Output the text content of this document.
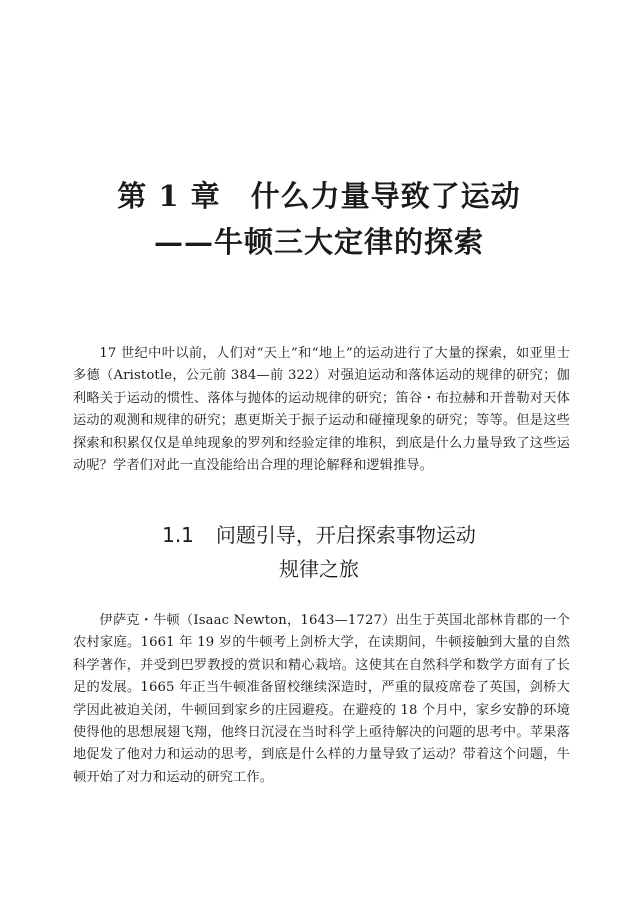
第 1 章 什么力量导致了运动
——牛顿三大定律的探索

17 世纪中叶以前，人们对“天上”和“地上”的运动进行了大量的探索，如亚里士多德（Aristotle，公元前 384—前 322）对强迫运动和落体运动的规律的研究；伽利略关于运动的惯性、落体与抛体的运动规律的研究；笛谷・布拉赫和开普勒对天体运动的观测和规律的研究；惠更斯关于振子运动和碰撞现象的研究；等等。但是这些探索和积累仅仅是单纯现象的罗列和经验定律的堆积，到底是什么力量导致了这些运动呢？学者们对此一直没能给出合理的理论解释和逻辑推导。

1.1 问题引导，开启探索事物运动
规律之旅

伊萨克・牛顿（Isaac Newton，1643—1727）出生于英国北部林肯郡的一个农村家庭。1661 年 19 岁的牛顿考上剑桥大学，在读期间，牛顿接触到大量的自然科学著作，并受到巴罗教授的赏识和精心栽培。这使其在自然科学和数学方面有了长足的发展。1665 年正当牛顿准备留校继续深造时，严重的鼠疫席卷了英国，剑桥大学因此被迫关闭，牛顿回到家乡的庄园避疫。在避疫的 18 个月中，家乡安静的环境使得他的思想展翅飞翔，他终日沉浸在当时科学上亟待解决的问题的思考中。苹果落地促发了他对力和运动的思考，到底是什么样的力量导致了运动？带着这个问题，牛顿开始了对力和运动的研究工作。
